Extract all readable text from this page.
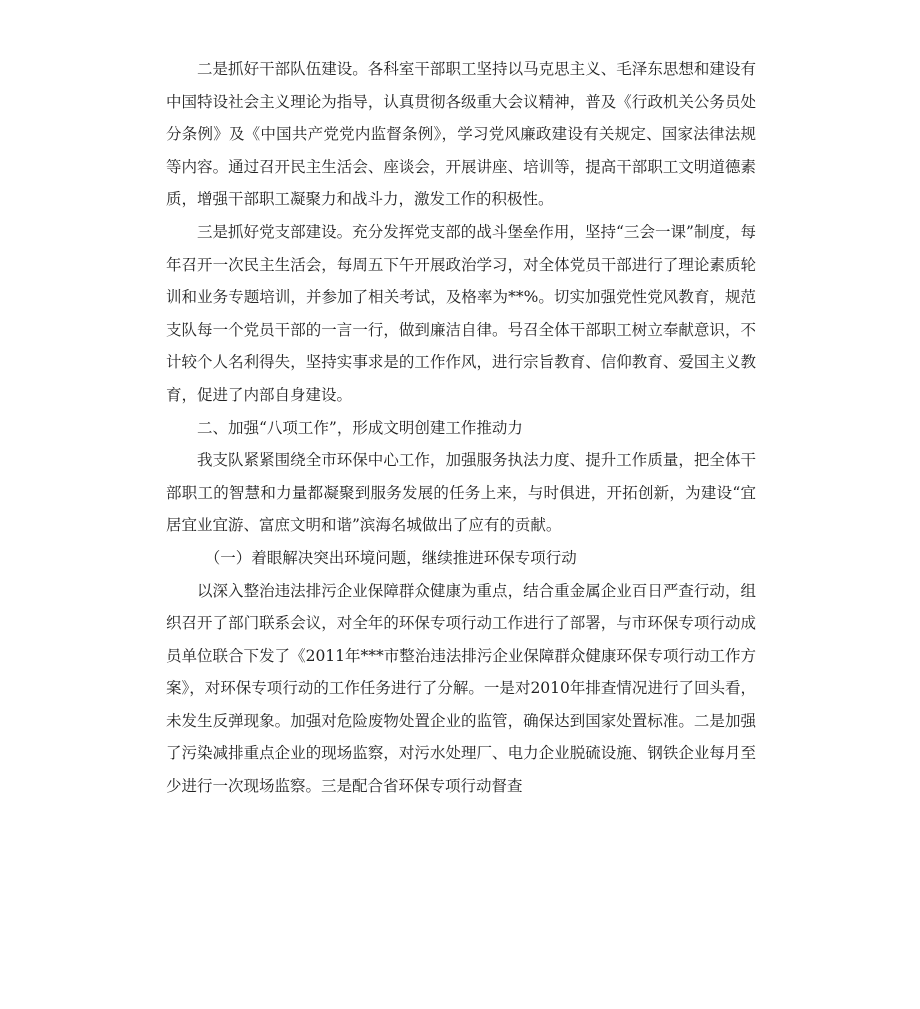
二是抓好干部队伍建设。各科室干部职工坚持以马克思主义、毛泽东思想和建设有中国特设社会主义理论为指导，认真贯彻各级重大会议精神，普及《行政机关公务员处分条例》及《中国共产党党内监督条例》，学习党风廉政建设有关规定、国家法律法规等内容。通过召开民主生活会、座谈会，开展讲座、培训等，提高干部职工文明道德素质，增强干部职工凝聚力和战斗力，激发工作的积极性。

三是抓好党支部建设。充分发挥党支部的战斗堡垒作用，坚持“三会一课”制度，每年召开一次民主生活会，每周五下午开展政治学习，对全体党员干部进行了理论素质轮训和业务专题培训，并参加了相关考试，及格率为**%。切实加强党性党风教育，规范支队每一个党员干部的一言一行，做到廉洁自律。号召全体干部职工树立奉献意识，不计较个人名利得失，坚持实事求是的工作作风，进行宗旨教育、信仰教育、爱国主义教育，促进了内部自身建设。

二、加强“八项工作”，形成文明创建工作推动力

我支队紧紧围绕全市环保中心工作，加强服务执法力度、提升工作质量，把全体干部职工的智慧和力量都凝聚到服务发展的任务上来，与时俱进，开拓创新，为建设“宜居宜业宜游、富庶文明和谐”滨海名城做出了应有的贡献。

（一）着眼解决突出环境问题，继续推进环保专项行动

以深入整治违法排污企业保障群众健康为重点，结合重金属企业百日严查行动，组织召开了部门联系会议，对全年的环保专项行动工作进行了部署，与市环保专项行动成员单位联合下发了《2011年***市整治违法排污企业保障群众健康环保专项行动工作方案》，对环保专项行动的工作任务进行了分解。一是对2010年排查情况进行了回头看，未发生反弹现象。加强对危险废物处置企业的监管，确保达到国家处置标准。二是加强了污染减排重点企业的现场监察，对污水处理厂、电力企业脱硫设施、钢铁企业每月至少进行一次现场监察。三是配合省环保专项行动督查
